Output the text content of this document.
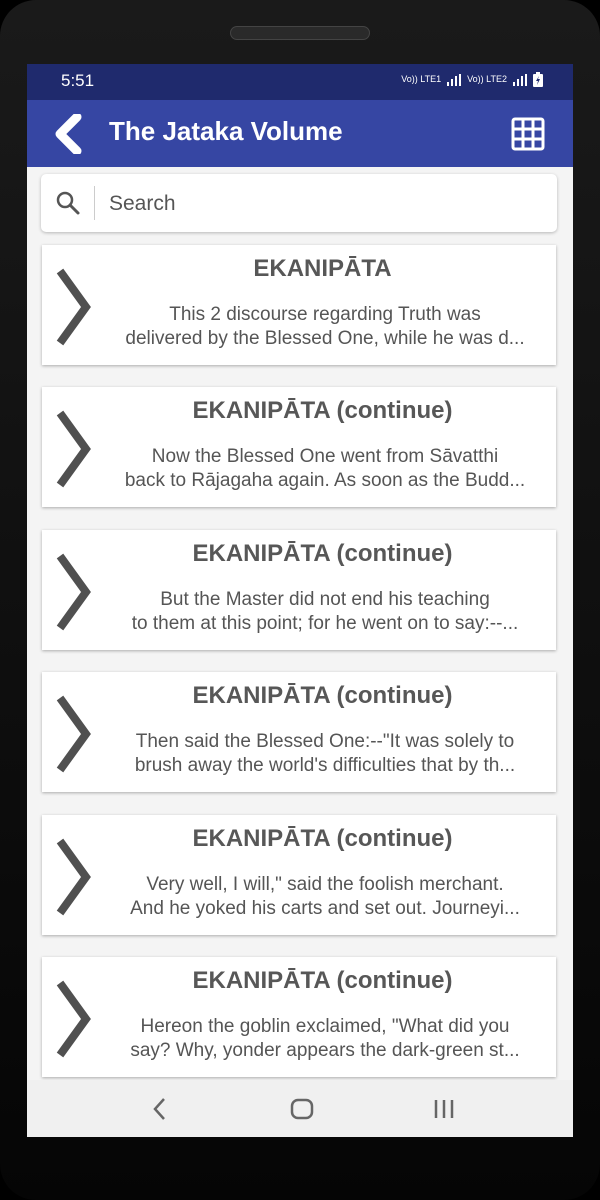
5:51	Vo)) LTE1	Vo)) LTE2
The Jataka Volume
Search
EKANIPĀTA
This 2 discourse regarding Truth was
delivered by the Blessed One, while he was d...
EKANIPĀTA (continue)
Now the Blessed One went from Sāvatthi
back to Rājagaha again. As soon as the Budd...
EKANIPĀTA (continue)
But the Master did not end his teaching
to them at this point; for he went on to say:--...
EKANIPĀTA (continue)
Then said the Blessed One:--"It was solely to
brush away the world's difficulties that by th...
EKANIPĀTA (continue)
Very well, I will," said the foolish merchant.
And he yoked his carts and set out. Journeyi...
EKANIPĀTA (continue)
Hereon the goblin exclaimed, "What did you
say? Why, yonder appears the dark-green st...
